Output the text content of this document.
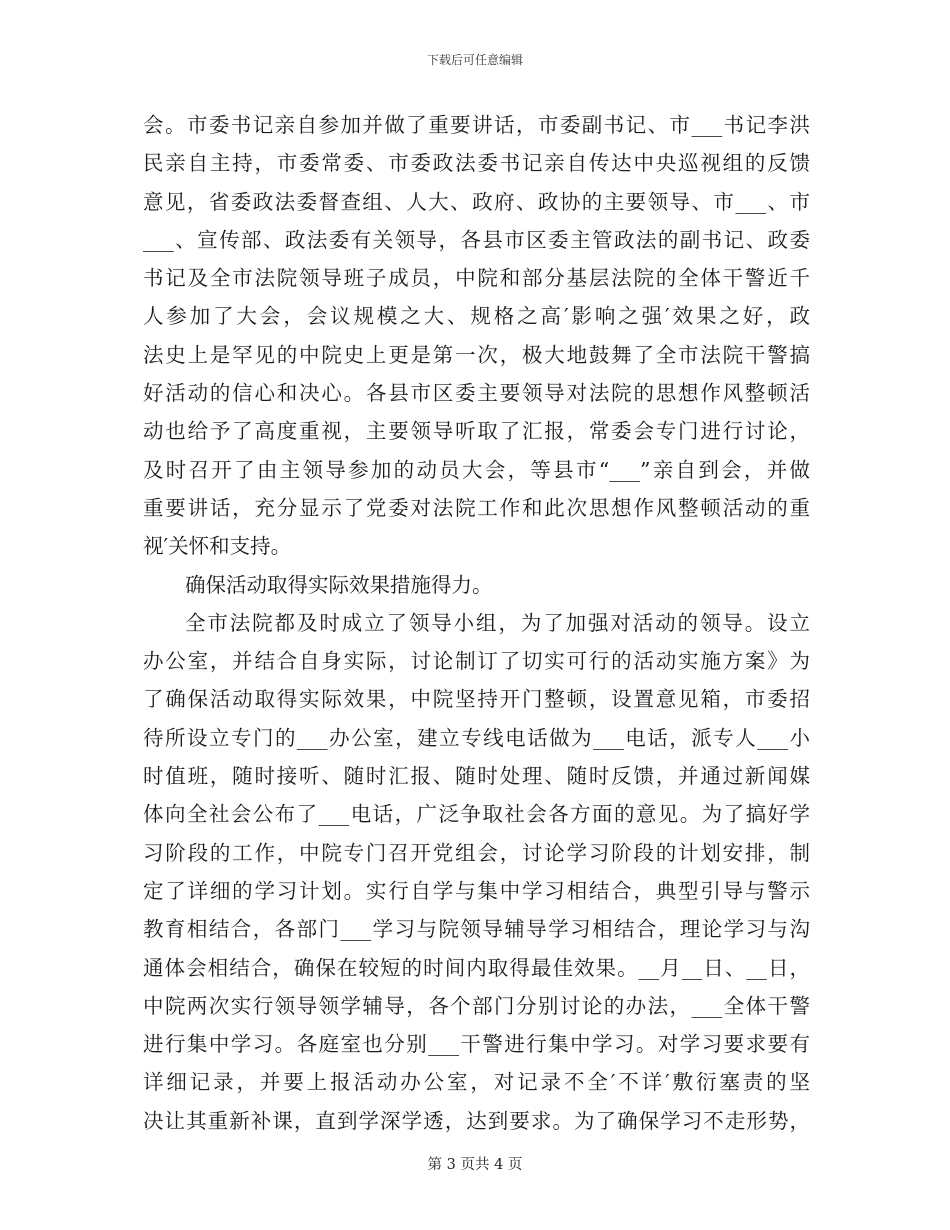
下载后可任意编辑
会。市委书记亲自参加并做了重要讲话，市委副书记、市___书记李洪
民亲自主持，市委常委、市委政法委书记亲自传达中央巡视组的反馈
意见，省委政法委督查组、人大、政府、政协的主要领导、市___、市
___、宣传部、政法委有关领导，各县市区委主管政法的副书记、政委
书记及全市法院领导班子成员，中院和部分基层法院的全体干警近千
人参加了大会，会议规模之大、规格之高′影响之强′效果之好，政
法史上是罕见的中院史上更是第一次，极大地鼓舞了全市法院干警搞
好活动的信心和决心。各县市区委主要领导对法院的思想作风整顿活
动也给予了高度重视，主要领导听取了汇报，常委会专门进行讨论，
及时召开了由主领导参加的动员大会，等县市“___”亲自到会，并做
重要讲话，充分显示了党委对法院工作和此次思想作风整顿活动的重
视′关怀和支持。
确保活动取得实际效果措施得力。
全市法院都及时成立了领导小组，为了加强对活动的领导。设立
办公室，并结合自身实际，讨论制订了切实可行的活动实施方案》为
了确保活动取得实际效果，中院坚持开门整顿，设置意见箱，市委招
待所设立专门的___办公室，建立专线电话做为___电话，派专人___小
时值班，随时接听、随时汇报、随时处理、随时反馈，并通过新闻媒
体向全社会公布了___电话，广泛争取社会各方面的意见。为了搞好学
习阶段的工作，中院专门召开党组会，讨论学习阶段的计划安排，制
定了详细的学习计划。实行自学与集中学习相结合，典型引导与警示
教育相结合，各部门___学习与院领导辅导学习相结合，理论学习与沟
通体会相结合，确保在较短的时间内取得最佳效果。__月__日、__日，
中院两次实行领导领学辅导，各个部门分别讨论的办法，___全体干警
进行集中学习。各庭室也分别___干警进行集中学习。对学习要求要有
详细记录，并要上报活动办公室，对记录不全′不详′敷衍塞责的坚
决让其重新补课，直到学深学透，达到要求。为了确保学习不走形势，
第 3 页共 4 页
